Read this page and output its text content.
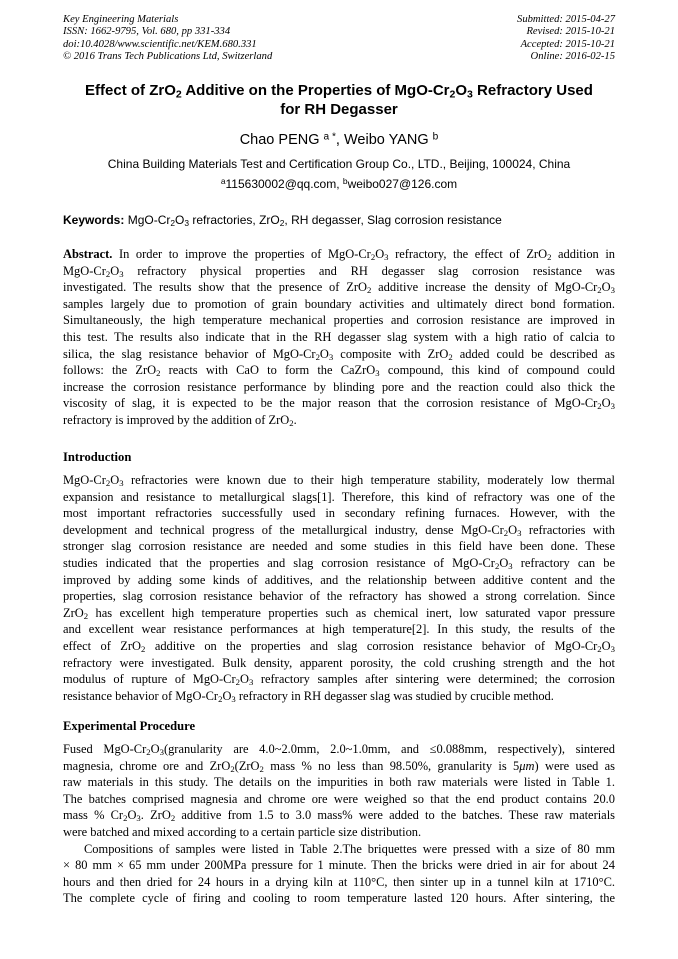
Key Engineering Materials
ISSN: 1662-9795, Vol. 680, pp 331-334
doi:10.4028/www.scientific.net/KEM.680.331
© 2016 Trans Tech Publications Ltd, Switzerland
Submitted: 2015-04-27
Revised: 2015-10-21
Accepted: 2015-10-21
Online: 2016-02-15
Effect of ZrO$_2$ Additive on the Properties of MgO-$Cr_2O_3$ Refractory Used
for RH Degasser
Chao PENG $^{a *}$, Weibo YANG $^b$
China Building Materials Test and Certification Group Co., LTD., Beijing, 100024, China
$^a$115630002@qq.com, $^b$weibo027@126.com
Keywords: MgO-$Cr_2O_3$ refractories, ZrO$_2$, RH degasser, Slag corrosion resistance
Abstract. In order to improve the properties of MgO-$Cr_2O_3$ refractory, the effect of ZrO$_2$ addition in
MgO-$Cr_2O_3$ refractory physical properties and RH degasser slag corrosion resistance was
investigated. The results show that the presence of ZrO$_2$ additive increase the density of MgO-$Cr_2O_3$
samples largely due to promotion of grain boundary activities and ultimately direct bond formation.
Simultaneously, the high temperature mechanical properties and corrosion resistance are improved in
this test. The results also indicate that in the RH degasser slag system with a high ratio of calcia to
silica, the slag resistance behavior of MgO-$Cr_2O_3$ composite with ZrO$_2$ added could be described as
follows: the ZrO$_2$ reacts with CaO to form the CaZrO$_3$ compound, this kind of compound could
increase the corrosion resistance performance by blinding pore and the reaction could also thick the
viscosity of slag, it is expected to be the major reason that the corrosion resistance of MgO-$Cr_2O_3$
refractory is improved by the addition of ZrO$_2$.
Introduction
MgO-$Cr_2O_3$ refractories were known due to their high temperature stability, moderately low thermal
expansion and resistance to metallurgical slags[1]. Therefore, this kind of refractory was one of the
most important refractories successfully used in secondary refining furnaces. However, with the
development and technical progress of the metallurgical industry, dense MgO-$Cr_2O_3$ refractories with
stronger slag corrosion resistance are needed and some studies in this field have been done. These
studies indicated that the properties and slag corrosion resistance of MgO-$Cr_2O_3$ refractory can be
improved by adding some kinds of additives, and the relationship between additive content and the
properties, slag corrosion resistance behavior of the refractory has showed a strong correlation. Since
ZrO$_2$ has excellent high temperature properties such as chemical inert, low saturated vapor pressure
and excellent wear resistance performances at high temperature[2]. In this study, the results of the
effect of ZrO$_2$ additive on the properties and slag corrosion resistance behavior of MgO-$Cr_2O_3$
refractory were investigated. Bulk density, apparent porosity, the cold crushing strength and the hot
modulus of rupture of MgO-$Cr_2O_3$ refractory samples after sintering were determined; the corrosion
resistance behavior of MgO-$Cr_2O_3$ refractory in RH degasser slag was studied by crucible method.
Experimental Procedure
Fused MgO-$Cr_2O_3(granularity$ are 4.0~2.0mm, 2.0~1.0mm, and ≤0.088mm, respectively), sintered
magnesia, chrome ore and ZrO$_2$(ZrO$_2$ mass % no less than 98.50%, granularity is 5μm) were used as
raw materials in this study. The details on the impurities in both raw materials were listed in Table 1.
The batches comprised magnesia and chrome ore were weighed so that the end product contains 20.0
mass % $Cr_2O_3$. ZrO$_2$ additive from 1.5 to 3.0 mass% were added to the batches. These raw materials
were batched and mixed according to a certain particle size distribution.
Compositions of samples were listed in Table 2.The briquettes were pressed with a size of 80 mm
× 80 mm × 65 mm under 200MPa pressure for 1 minute. Then the bricks were dried in air for about 24
hours and then dried for 24 hours in a drying kiln at 110°C, then sinter up in a tunnel kiln at 1710°C.
The complete cycle of firing and cooling to room temperature lasted 120 hours. After sintering, the
